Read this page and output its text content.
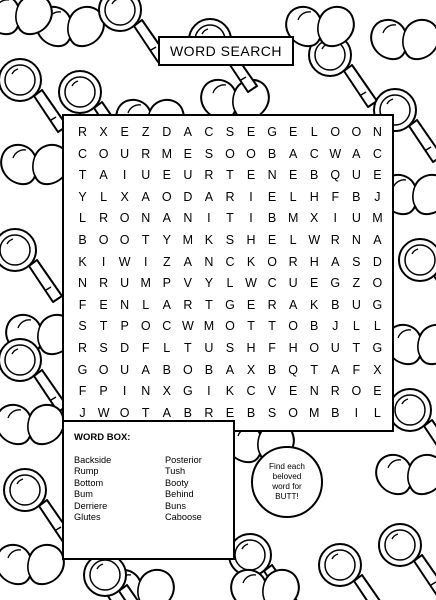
WORD SEARCH
R X	E	Z	D A C S	E G E	L	O O N
C O U R M E	S O O B	A C W A C
T	A	I	U E U R	T	E N E	B Q U E
Y	L	X	A O D A R	I	E	L	H	F	B	J
L	R O N A N	I	T	I	B M X	I	U M
B O O T	Y M K	S H E	L W R N A
K	I	W	I	Z	A N C K O R H A	S D
N R U M P	V	Y	L W C U E G Z O
F	E N	L	A R	T G E R A	K	B U G
S	T	P O C W M O T	T O B	J	L	L
R S D	F	L	T	U S H	F	H O U	T G
G O U A	B O B	A	X	B Q T	A	F	X
F	P	I	N X G	I	K C V	E N R O E
J W O T	A	B R E	B	S O M B	I	L
WORD BOX:
Backside
Rump
Bottom
Bum
Derriere
Glutes
Posterior
Tush
Booty
Behind
Buns
Caboose
Find each
beloved
word for
BUTT!
